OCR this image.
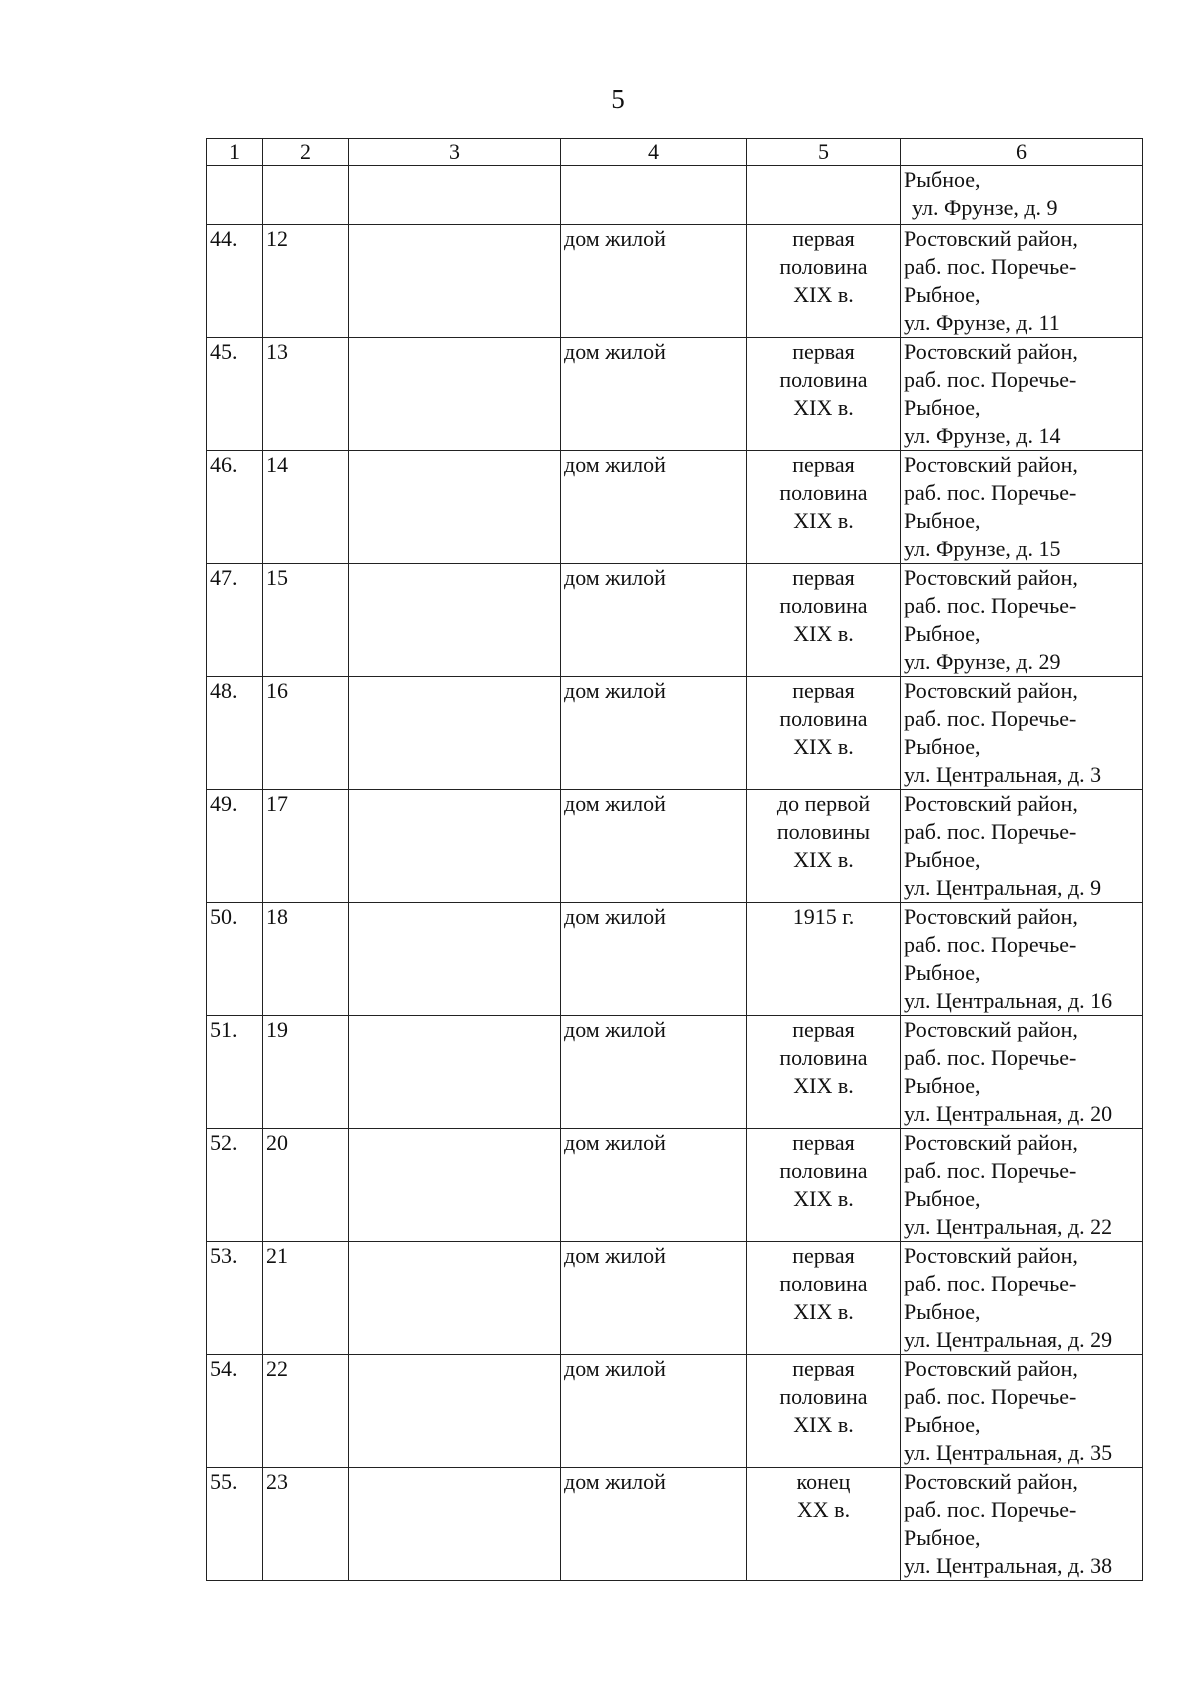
5
1	2	3	4	5	6

					Рыбное,
ул. Фрунзе, д. 9

44.	12		дом жилой	первая
половина
XIX в.	Ростовский район,
раб. пос. Поречье-
Рыбное,
ул. Фрунзе, д. 11

45.	13		дом жилой	первая
половина
XIX в.	Ростовский район,
раб. пос. Поречье-
Рыбное,
ул. Фрунзе, д. 14

46.	14		дом жилой	первая
половина
XIX в.	Ростовский район,
раб. пос. Поречье-
Рыбное,
ул. Фрунзе, д. 15

47.	15		дом жилой	первая
половина
XIX в.	Ростовский район,
раб. пос. Поречье-
Рыбное,
ул. Фрунзе, д. 29

48.	16		дом жилой	первая
половина
XIX в.	Ростовский район,
раб. пос. Поречье-
Рыбное,
ул. Центральная, д. 3

49.	17		дом жилой	до первой
половины
XIX в.	Ростовский район,
раб. пос. Поречье-
Рыбное,
ул. Центральная, д. 9

50.	18		дом жилой	1915 г.	Ростовский район,
раб. пос. Поречье-
Рыбное,
ул. Центральная, д. 16

51.	19		дом жилой	первая
половина
XIX в.	Ростовский район,
раб. пос. Поречье-
Рыбное,
ул. Центральная, д. 20

52.	20		дом жилой	первая
половина
XIX в.	Ростовский район,
раб. пос. Поречье-
Рыбное,
ул. Центральная, д. 22

53.	21		дом жилой	первая
половина
XIX в.	Ростовский район,
раб. пос. Поречье-
Рыбное,
ул. Центральная, д. 29

54.	22		дом жилой	первая
половина
XIX в.	Ростовский район,
раб. пос. Поречье-
Рыбное,
ул. Центральная, д. 35

55.	23		дом жилой	конец
XX в.	Ростовский район,
раб. пос. Поречье-
Рыбное,
ул. Центральная, д. 38
